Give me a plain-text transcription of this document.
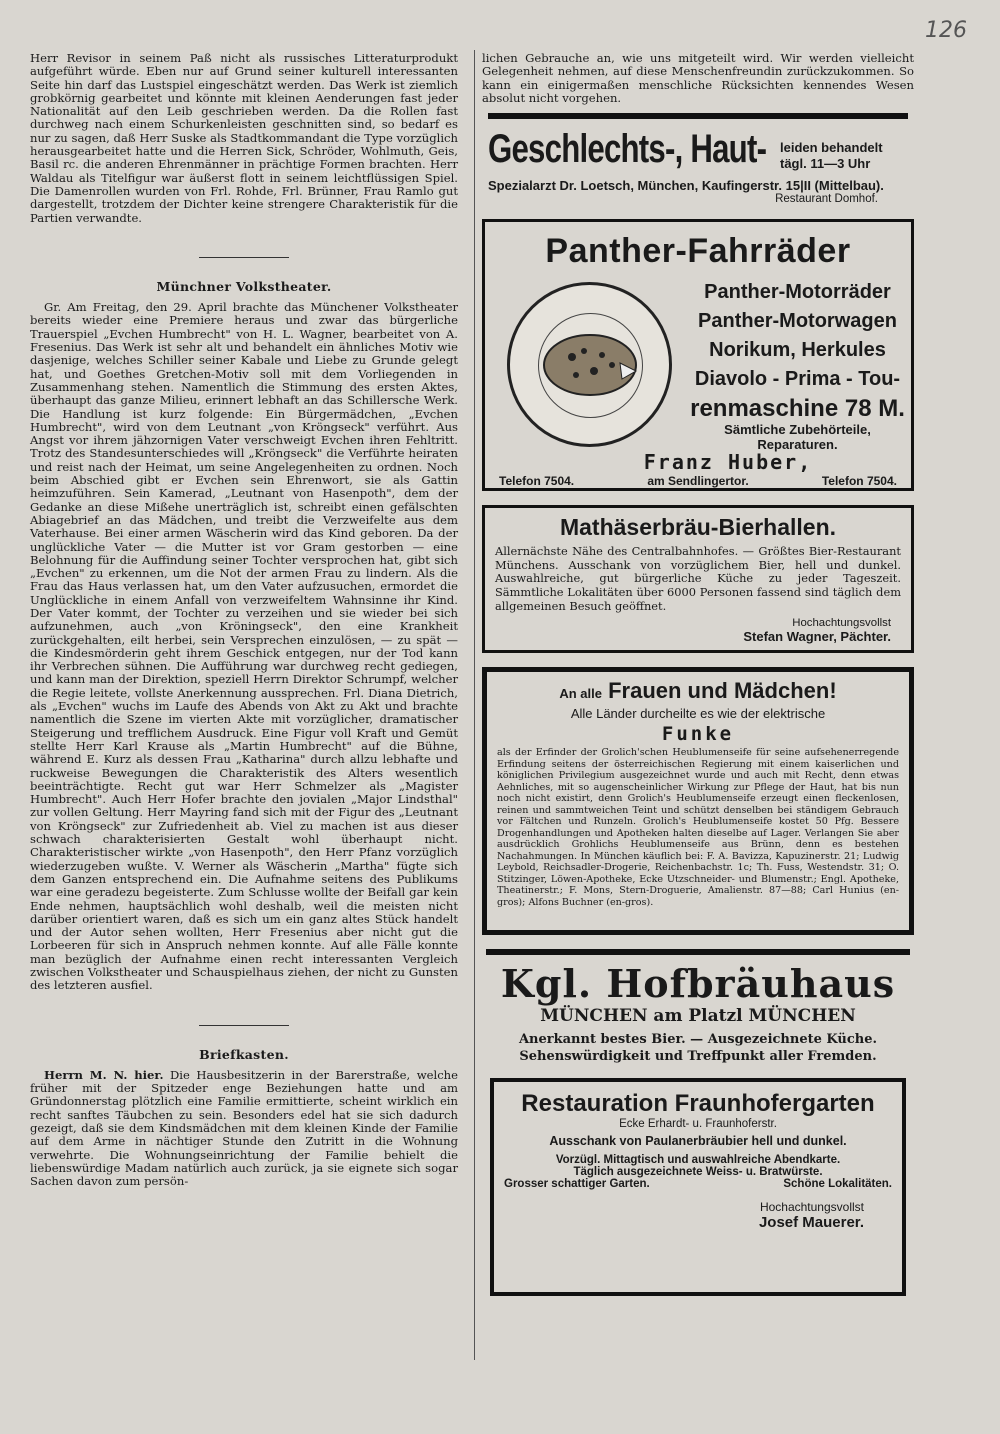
126

Herr Revisor in seinem Paß nicht als russisches Litteraturprodukt aufgeführt würde. Eben nur auf Grund seiner kulturell interessanten Seite hin darf das Lustspiel eingeschätzt werden. Das Werk ist ziemlich grobkörnig gearbeitet und könnte mit kleinen Aenderungen fast jeder Nationalität auf den Leib geschrieben werden. Da die Rollen fast durchweg nach einem Schurkenleisten geschnitten sind, so bedarf es nur zu sagen, daß Herr Suske als Stadtkommandant die Type vorzüglich herausgearbeitet hatte und die Herren Sick, Schröder, Wohlmuth, Geis, Basil rc. die anderen Ehrenmänner in prächtige Formen brachten. Herr Waldau als Titelfigur war äußerst flott in seinem leichtflüssigen Spiel. Die Damenrollen wurden von Frl. Rohde, Frl. Brünner, Frau Ramlo gut dargestellt, trotzdem der Dichter keine strengere Charakteristik für die Partien verwandte.

Münchner Volkstheater.

Gr. Am Freitag, den 29. April brachte das Münchener Volkstheater bereits wieder eine Premiere heraus und zwar das bürgerliche Trauerspiel „Evchen Humbrecht" von H. L. Wagner, bearbeitet von A. Fresenius. Das Werk ist sehr alt und behandelt ein ähnliches Motiv wie dasjenige, welches Schiller seiner Kabale und Liebe zu Grunde gelegt hat, und Goethes Gretchen-Motiv soll mit dem Vorliegenden in Zusammenhang stehen. Namentlich die Stimmung des ersten Aktes, überhaupt das ganze Milieu, erinnert lebhaft an das Schillersche Werk. Die Handlung ist kurz folgende: Ein Bürgermädchen, „Evchen Humbrecht", wird von dem Leutnant „von Kröngseck" verführt. Aus Angst vor ihrem jähzornigen Vater verschweigt Evchen ihren Fehltritt. Trotz des Standesunterschiedes will „Kröngseck" die Verführte heiraten und reist nach der Heimat, um seine Angelegenheiten zu ordnen. Noch beim Abschied gibt er Evchen sein Ehrenwort, sie als Gattin heimzuführen. Sein Kamerad, „Leutnant von Hasenpoth", dem der Gedanke an diese Mißehe unerträglich ist, schreibt einen gefälschten Abiagebrief an das Mädchen, und treibt die Verzweifelte aus dem Vaterhause. Bei einer armen Wäscherin wird das Kind geboren. Da der unglückliche Vater — die Mutter ist vor Gram gestorben — eine Belohnung für die Auffindung seiner Tochter versprochen hat, gibt sich „Evchen" zu erkennen, um die Not der armen Frau zu lindern. Als die Frau das Haus verlassen hat, um den Vater aufzusuchen, ermordet die Unglückliche in einem Anfall von verzweifeltem Wahnsinne ihr Kind. Der Vater kommt, der Tochter zu verzeihen und sie wieder bei sich aufzunehmen, auch „von Kröningseck", den eine Krankheit zurückgehalten, eilt herbei, sein Versprechen einzulösen, — zu spät — die Kindesmörderin geht ihrem Geschick entgegen, nur der Tod kann ihr Verbrechen sühnen. Die Aufführung war durchweg recht gediegen, und kann man der Direktion, speziell Herrn Direktor Schrumpf, welcher die Regie leitete, vollste Anerkennung aussprechen. Frl. Diana Dietrich, als „Evchen" wuchs im Laufe des Abends von Akt zu Akt und brachte namentlich die Szene im vierten Akte mit vorzüglicher, dramatischer Steigerung und trefflichem Ausdruck. Eine Figur voll Kraft und Gemüt stellte Herr Karl Krause als „Martin Humbrecht" auf die Bühne, während E. Kurz als dessen Frau „Katharina" durch allzu lebhafte und ruckweise Bewegungen die Charakteristik des Alters wesentlich beeinträchtigte. Recht gut war Herr Schmelzer als „Magister Humbrecht". Auch Herr Hofer brachte den jovialen „Major Lindsthal" zur vollen Geltung. Herr Mayring fand sich mit der Figur des „Leutnant von Kröngseck" zur Zufriedenheit ab. Viel zu machen ist aus dieser schwach charakterisierten Gestalt wohl überhaupt nicht. Charakteristischer wirkte „von Hasenpoth", den Herr Pfanz vorzüglich wiederzugeben wußte. V. Werner als Wäscherin „Martha" fügte sich dem Ganzen entsprechend ein. Die Aufnahme seitens des Publikums war eine geradezu begeisterte. Zum Schlusse wollte der Beifall gar kein Ende nehmen, hauptsächlich wohl deshalb, weil die meisten nicht darüber orientiert waren, daß es sich um ein ganz altes Stück handelt und der Autor sehen wollten, Herr Fresenius aber nicht gut die Lorbeeren für sich in Anspruch nehmen konnte. Auf alle Fälle konnte man bezüglich der Aufnahme einen recht interessanten Vergleich zwischen Volkstheater und Schauspielhaus ziehen, der nicht zu Gunsten des letzteren ausfiel.

Briefkasten.

Herrn M. N. hier. Die Hausbesitzerin in der Barerstraße, welche früher mit der Spitzeder enge Beziehungen hatte und am Gründonnerstag plötzlich eine Familie ermittierte, scheint wirklich ein recht sanftes Täubchen zu sein. Besonders edel hat sie sich dadurch gezeigt, daß sie dem Kindsmädchen mit dem kleinen Kinde der Familie auf dem Arme in nächtiger Stunde den Zutritt in die Wohnung verwehrte. Die Wohnungseinrichtung der Familie behielt die liebenswürdige Madam natürlich auch zurück, ja sie eignete sich sogar Sachen davon zum persön-

lichen Gebrauche an, wie uns mitgeteilt wird. Wir werden vielleicht Gelegenheit nehmen, auf diese Menschenfreundin zurückzukommen. So kann ein einigermaßen menschliche Rücksichten kennendes Wesen absolut nicht vorgehen.
Geschlechts-, Haut- leiden behandelt
tägl. 11—3 Uhr
Spezialarzt Dr. Loetsch, München, Kaufingerstr. 15|II (Mittelbau).
Restaurant Domhof.
Panther-Fahrräder
Panther-Motorräder
Panther-Motorwagen
Norikum, Herkules
Diavolo - Prima - Tou-
renmaschine 78 M.
Sämtliche Zubehörteile, Reparaturen.
Franz Huber,
Telefon 7504.	am Sendlingertor.	Telefon 7504.
Mathäserbräu-Bierhallen.
Allernächste Nähe des Centralbahnhofes. — Größtes Bier-Restaurant Münchens. Ausschank von vorzüglichem Bier, hell und dunkel. Auswahlreiche, gut bürgerliche Küche zu jeder Tageszeit. Sämmtliche Lokalitäten über 6000 Personen fassend sind täglich dem allgemeinen Besuch geöffnet.
Hochachtungsvollst
Stefan Wagner, Pächter.
An alle Frauen und Mädchen!
Alle Länder durcheilte es wie der elektrische
Funke
als der Erfinder der Grolich'schen Heublumenseife für seine aufsehenerregende Erfindung seitens der österreichischen Regierung mit einem kaiserlichen und königlichen Privilegium ausgezeichnet wurde und auch mit Recht, denn etwas Aehnliches, mit so augenscheinlicher Wirkung zur Pflege der Haut, hat bis nun noch nicht existirt, denn Grolich's Heublumenseife erzeugt einen fleckenlosen, reinen und sammtweichen Teint und schützt denselben bei ständigem Gebrauch vor Fältchen und Runzeln. Grolich's Heublumenseife kostet 50 Pfg. Bessere Drogenhandlungen und Apotheken halten dieselbe auf Lager. Verlangen Sie aber ausdrücklich Grohlichs Heublumenseife aus Brünn, denn es bestehen Nachahmungen. In München käuflich bei: F. A. Bavizza, Kapuzinerstr. 21; Ludwig Leybold, Reichsadler-Drogerie, Reichenbachstr. 1c; Th. Fuss, Westendstr. 31; O. Stitzinger, Löwen-Apotheke, Ecke Utzschneider- und Blumenstr.; Engl. Apotheke, Theatinerstr.; F. Mons, Stern-Droguerie, Amalienstr. 87—88; Carl Hunius (en-gros); Alfons Buchner (en-gros).
Kgl. Hofbräuhaus
MÜNCHEN am Platzl MÜNCHEN
Anerkannt bestes Bier. — Ausgezeichnete Küche.
Sehenswürdigkeit und Treffpunkt aller Fremden.
Restauration Fraunhofergarten
Ecke Erhardt- u. Fraunhoferstr.
Ausschank von Paulanerbräubier hell und dunkel.
Vorzügl. Mittagtisch und auswahlreiche Abendkarte.
Täglich ausgezeichnete Weiss- u. Bratwürste.
Grosser schattiger Garten.	Schöne Lokalitäten.
Hochachtungsvollst
Josef Mauerer.
